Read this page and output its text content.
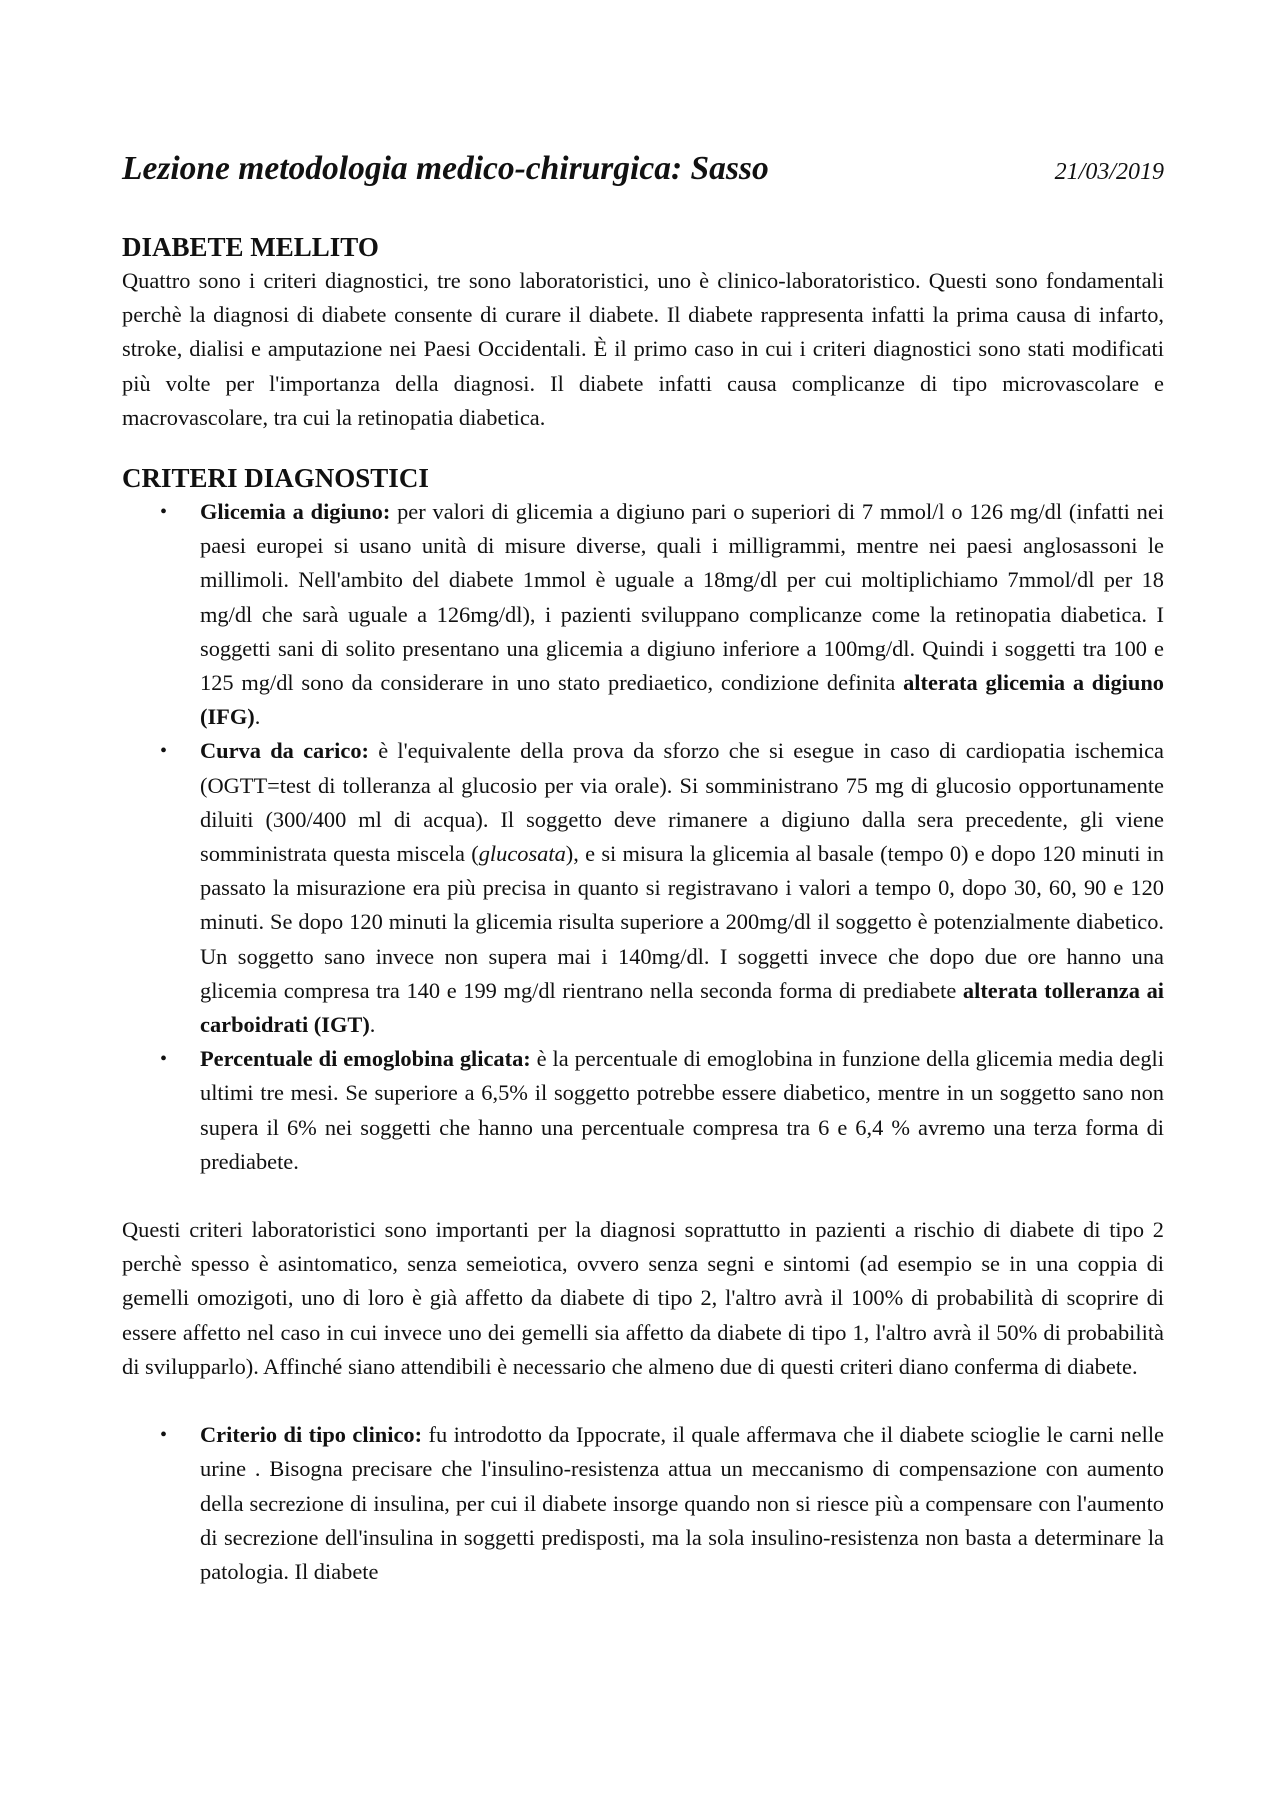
Lezione metodologia medico-chirurgica: Sasso	21/03/2019
DIABETE MELLITO

Quattro sono i criteri diagnostici, tre sono laboratoristici, uno è clinico-laboratoristico. Questi sono fondamentali perchè la diagnosi di diabete consente di curare il diabete. Il diabete rappresenta infatti la prima causa di infarto, stroke, dialisi e amputazione nei Paesi Occidentali. È il primo caso in cui i criteri diagnostici sono stati modificati più volte per l'importanza della diagnosi. Il diabete infatti causa complicanze di tipo microvascolare e macrovascolare, tra cui la retinopatia diabetica.

CRITERI DIAGNOSTICI
• Glicemia a digiuno: per valori di glicemia a digiuno pari o superiori di 7 mmol/l o 126 mg/dl (infatti nei paesi europei si usano unità di misure diverse, quali i milligrammi, mentre nei paesi anglosassoni le millimoli. Nell'ambito del diabete 1mmol è uguale a 18mg/dl per cui moltiplichiamo 7mmol/dl per 18 mg/dl che sarà uguale a 126mg/dl), i pazienti sviluppano complicanze come la retinopatia diabetica. I soggetti sani di solito presentano una glicemia a digiuno inferiore a 100mg/dl. Quindi i soggetti tra 100 e 125 mg/dl sono da considerare in uno stato prediaetico, condizione definita alterata glicemia a digiuno (IFG).
• Curva da carico: è l'equivalente della prova da sforzo che si esegue in caso di cardiopatia ischemica (OGTT=test di tolleranza al glucosio per via orale). Si somministrano 75 mg di glucosio opportunamente diluiti (300/400 ml di acqua). Il soggetto deve rimanere a digiuno dalla sera precedente, gli viene somministrata questa miscela (glucosata), e si misura la glicemia al basale (tempo 0) e dopo 120 minuti in passato la misurazione era più precisa in quanto si registravano i valori a tempo 0, dopo 30, 60, 90 e 120 minuti. Se dopo 120 minuti la glicemia risulta superiore a 200mg/dl il soggetto è potenzialmente diabetico. Un soggetto sano invece non supera mai i 140mg/dl. I soggetti invece che dopo due ore hanno una glicemia compresa tra 140 e 199 mg/dl rientrano nella seconda forma di prediabete alterata tolleranza ai carboidrati (IGT).
• Percentuale di emoglobina glicata: è la percentuale di emoglobina in funzione della glicemia media degli ultimi tre mesi. Se superiore a 6,5% il soggetto potrebbe essere diabetico, mentre in un soggetto sano non supera il 6% nei soggetti che hanno una percentuale compresa tra 6 e 6,4 % avremo una terza forma di prediabete.

Questi criteri laboratoristici sono importanti per la diagnosi soprattutto in pazienti a rischio di diabete di tipo 2 perchè spesso è asintomatico, senza semeiotica, ovvero senza segni e sintomi (ad esempio se in una coppia di gemelli omozigoti, uno di loro è già affetto da diabete di tipo 2, l'altro avrà il 100% di probabilità di scoprire di essere affetto nel caso in cui invece uno dei gemelli sia affetto da diabete di tipo 1, l'altro avrà il 50% di probabilità di svilupparlo). Affinché siano attendibili è necessario che almeno due di questi criteri diano conferma di diabete.

• Criterio di tipo clinico: fu introdotto da Ippocrate, il quale affermava che il diabete scioglie le carni nelle urine . Bisogna precisare che l'insulino-resistenza attua un meccanismo di compensazione con aumento della secrezione di insulina, per cui il diabete insorge quando non si riesce più a compensare con l'aumento di secrezione dell'insulina in soggetti predisposti, ma la sola insulino-resistenza non basta a determinare la patologia. Il diabete
